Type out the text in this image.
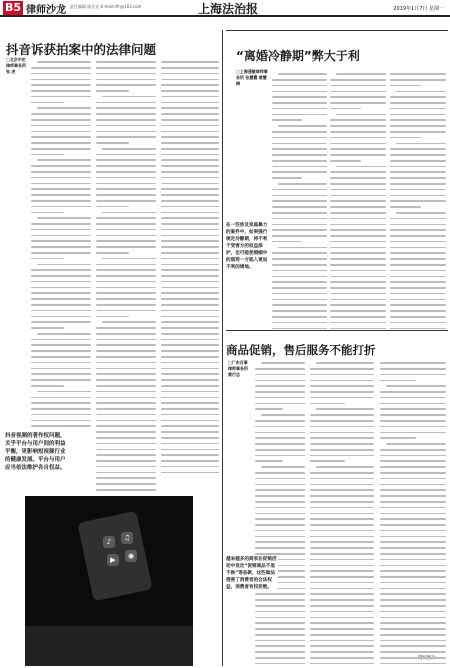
B5 律师沙龙 责任编辑 陈宏光 E-mail:dfr@163.com	上海法治报	2019年1月7日 星期一
抖音诉获拍案中的法律问题
□北京中伦律师事务所 张 虎
抖音视频的著作权问题，关乎平台与用户间的利益平衡，更影响短视频行业的健康发展。平台与用户应当依法维护各自权益。
♪	♫
▶	◉
“离婚冷静期”弊大于利
□上海通敏律师事务所 张慧霞 黄慧梅
在一些涉及家庭暴力的案件中，如果强行规定冷静期，将不利于受害方的权益保护，也可能使婚姻中的弱势一方陷入更加不利的境地。
商品促销，售后服务不能打折
□广东百事律师事务所 黄行忠
越来越多的商家在促销活动中设定“促销商品不退不换”等条款，这些做法侵害了消费者的合法权益，消费者有权拒绝。
